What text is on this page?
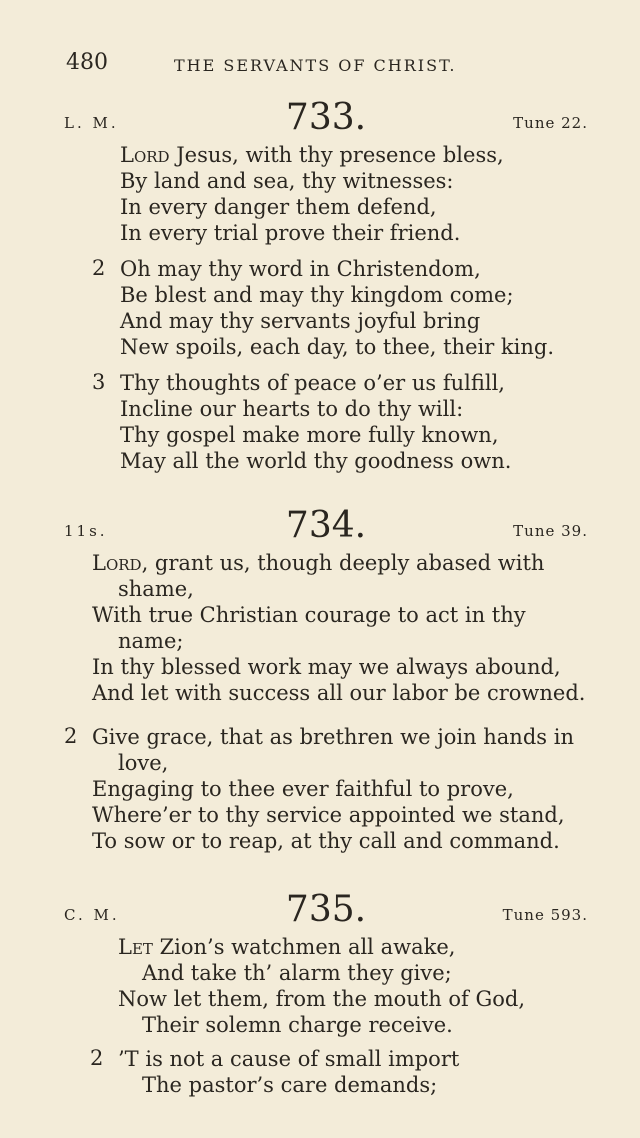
480	THE SERVANTS OF CHRIST.
L. M.	733.	Tune 22.
Lord Jesus, with thy presence bless,
By land and sea, thy witnesses:
In every danger them defend,
In every trial prove their friend.
2 Oh may thy word in Christendom,
Be blest and may thy kingdom come;
And may thy servants joyful bring
New spoils, each day, to thee, their king.
3 Thy thoughts of peace o’er us fulfill,
Incline our hearts to do thy will:
Thy gospel make more fully known,
May all the world thy goodness own.
11s.	734.	Tune 39.
Lord, grant us, though deeply abased with
shame,
With true Christian courage to act in thy
name;
In thy blessed work may we always abound,
And let with success all our labor be crowned.
2 Give grace, that as brethren we join hands in
love,
Engaging to thee ever faithful to prove,
Where’er to thy service appointed we stand,
To sow or to reap, at thy call and command.
C. M.	735.	Tune 593.
Let Zion’s watchmen all awake,
And take th’ alarm they give;
Now let them, from the mouth of God,
Their solemn charge receive.
2 ’T is not a cause of small import
The pastor’s care demands;
